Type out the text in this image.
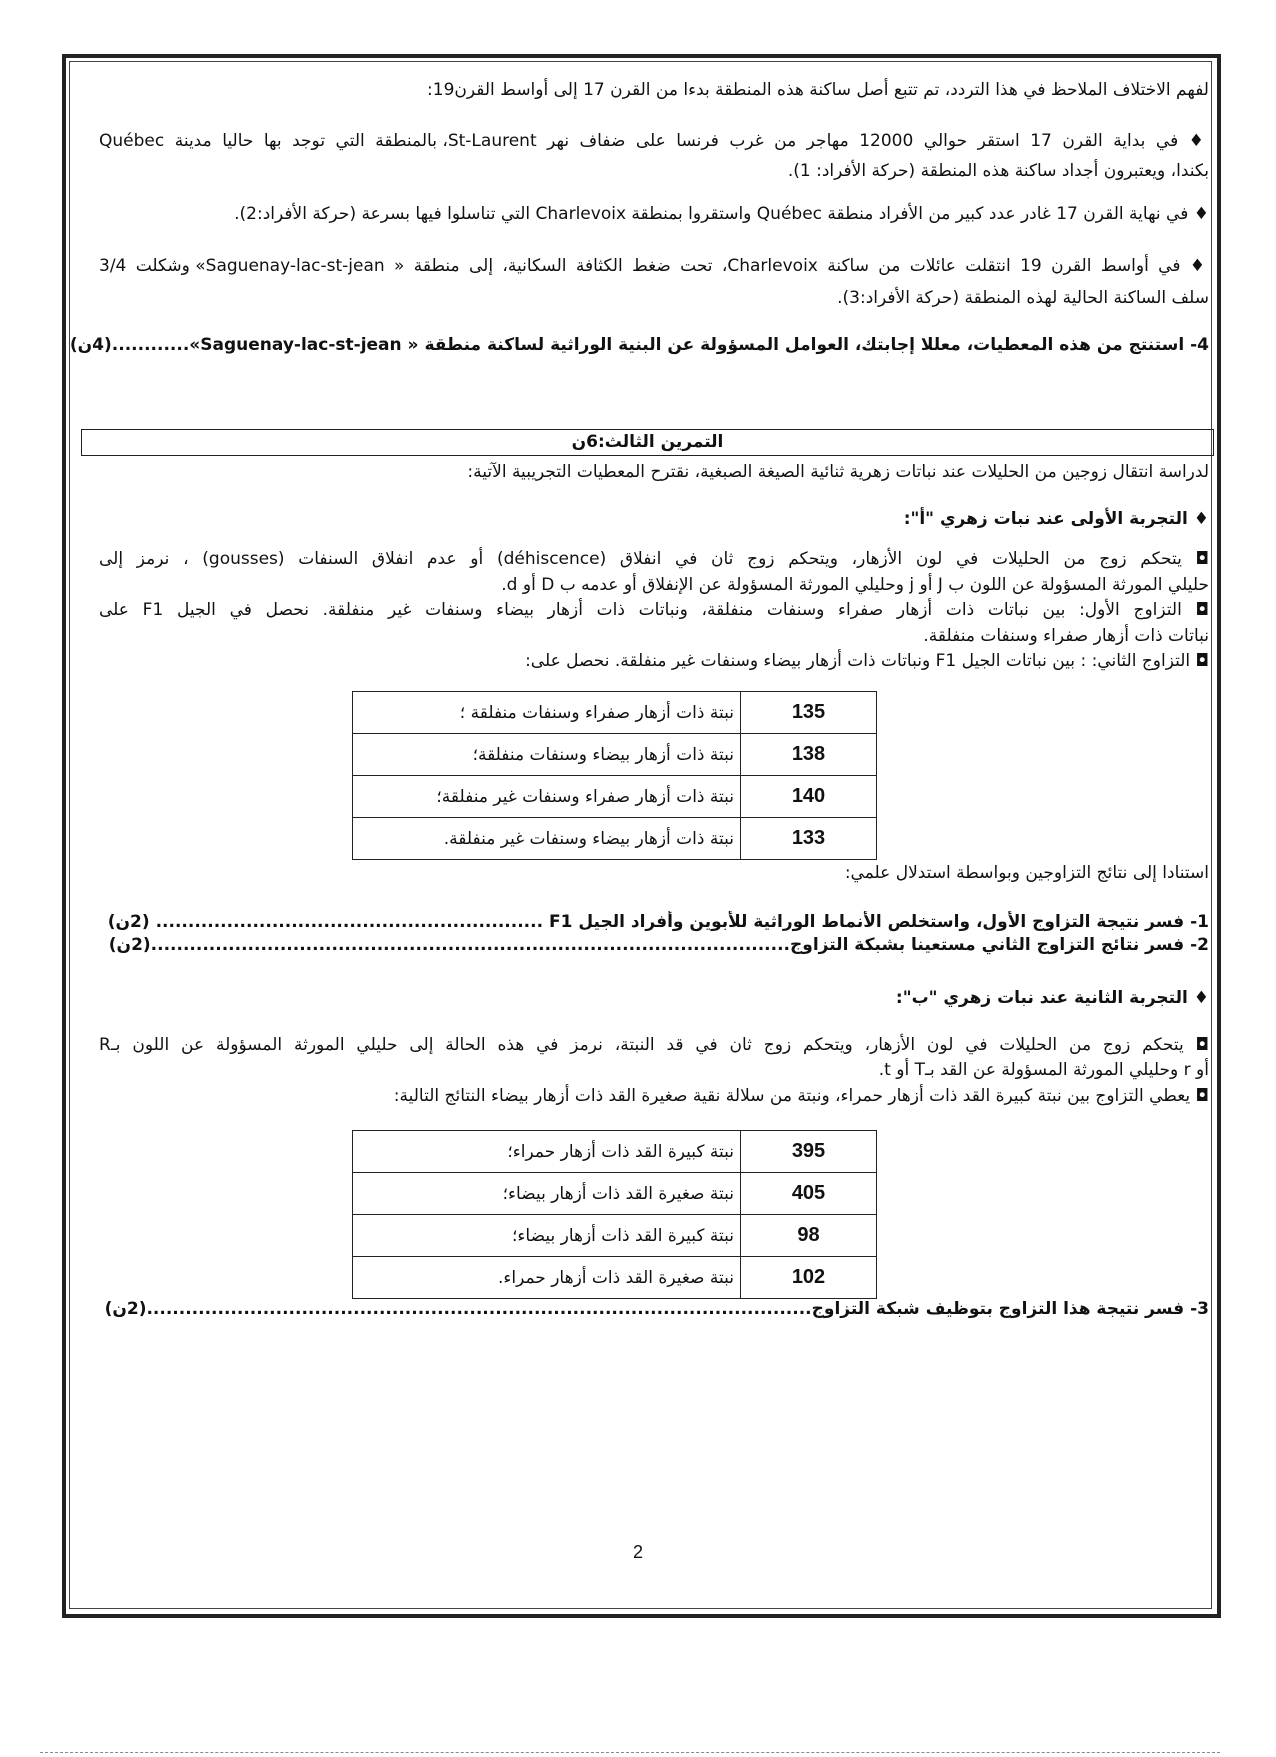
لفهم الاختلاف الملاحظ في هذا التردد، تم تتبع أصل ساكنة هذه المنطقة بدءا من القرن 17 إلى أواسط القرن19:
♦ في بداية القرن 17 استقر حوالي 12000 مهاجر من غرب فرنسا على ضفاف نهر St-Laurent، بالمنطقة التي توجد بها حاليا مدينة Québec
بكندا، ويعتبرون أجداد ساكنة هذه المنطقة (حركة الأفراد: 1).
♦ في نهاية القرن 17 غادر عدد كبير من الأفراد منطقة Québec واستقروا بمنطقة Charlevoix التي تناسلوا فيها بسرعة (حركة الأفراد:2).
♦ في أواسط القرن 19 انتقلت عائلات من ساكنة Charlevoix، تحت ضغط الكثافة السكانية، إلى منطقة « Saguenay-lac-st-jean» وشكلت 3/4
سلف الساكنة الحالية لهذه المنطقة (حركة الأفراد:3).
4- استنتج من هذه المعطيات، معللا إجابتك، العوامل المسؤولة عن البنية الوراثية لساكنة منطقة « Saguenay-lac-st-jean»............(4ن)
التمرين الثالث:6ن
لدراسة انتقال زوجين من الحليلات عند نباتات زهرية ثنائية الصيغة الصبغية، نقترح المعطيات التجريبية الآتية:
♦ التجربة الأولى عند نبات زهري "أ":
◘ يتحكم زوج من الحليلات في لون الأزهار، ويتحكم زوج ثان في انفلاق (déhiscence) أو عدم انفلاق السنفات (gousses) ، نرمز إلى
حليلي المورثة المسؤولة عن اللون ب J أو j وحليلي المورثة المسؤولة عن الإنفلاق أو عدمه ب D أو d.
◘ التزاوج الأول: بين نباتات ذات أزهار صفراء وسنفات منفلقة، ونباتات ذات أزهار بيضاء وسنفات غير منفلقة. نحصل في الجيل F1 على
نباتات ذات أزهار صفراء وسنفات منفلقة.
◘ التزاوج الثاني: : بين نباتات الجيل F1 ونباتات ذات أزهار بيضاء وسنفات غير منفلقة. نحصل على:
135	نبتة ذات أزهار صفراء وسنفات منفلقة ؛
138	نبتة ذات أزهار بيضاء وسنفات منفلقة؛
140	نبتة ذات أزهار صفراء وسنفات غير منفلقة؛
133	نبتة ذات أزهار بيضاء وسنفات غير منفلقة.
استنادا إلى نتائج التزاوجين وبواسطة استدلال علمي:
1- فسر نتيجة التزاوج الأول، واستخلص الأنماط الوراثية للأبوين وأفراد الجيل F1 ............................................................ (2ن)
2- فسر نتائج التزاوج الثاني مستعينا بشبكة التزاوج...................................................................................................(2ن)
♦ التجربة الثانية عند نبات زهري "ب":
◘ يتحكم زوج من الحليلات في لون الأزهار، ويتحكم زوج ثان في قد النبتة، نرمز في هذه الحالة إلى حليلي المورثة المسؤولة عن اللون بـR
أو r وحليلي المورثة المسؤولة عن القد بـT أو t.
◘ يعطي التزاوج بين نبتة كبيرة القد ذات أزهار حمراء، ونبتة من سلالة نقية صغيرة القد ذات أزهار بيضاء النتائج التالية:
395	نبتة كبيرة القد ذات أزهار حمراء؛
405	نبتة صغيرة القد ذات أزهار بيضاء؛
98	نبتة كبيرة القد ذات أزهار بيضاء؛
102	نبتة صغيرة القد ذات أزهار حمراء.
3- فسر نتيجة هذا التزاوج بتوظيف شبكة التزاوج.......................................................................................................(2ن)
2
